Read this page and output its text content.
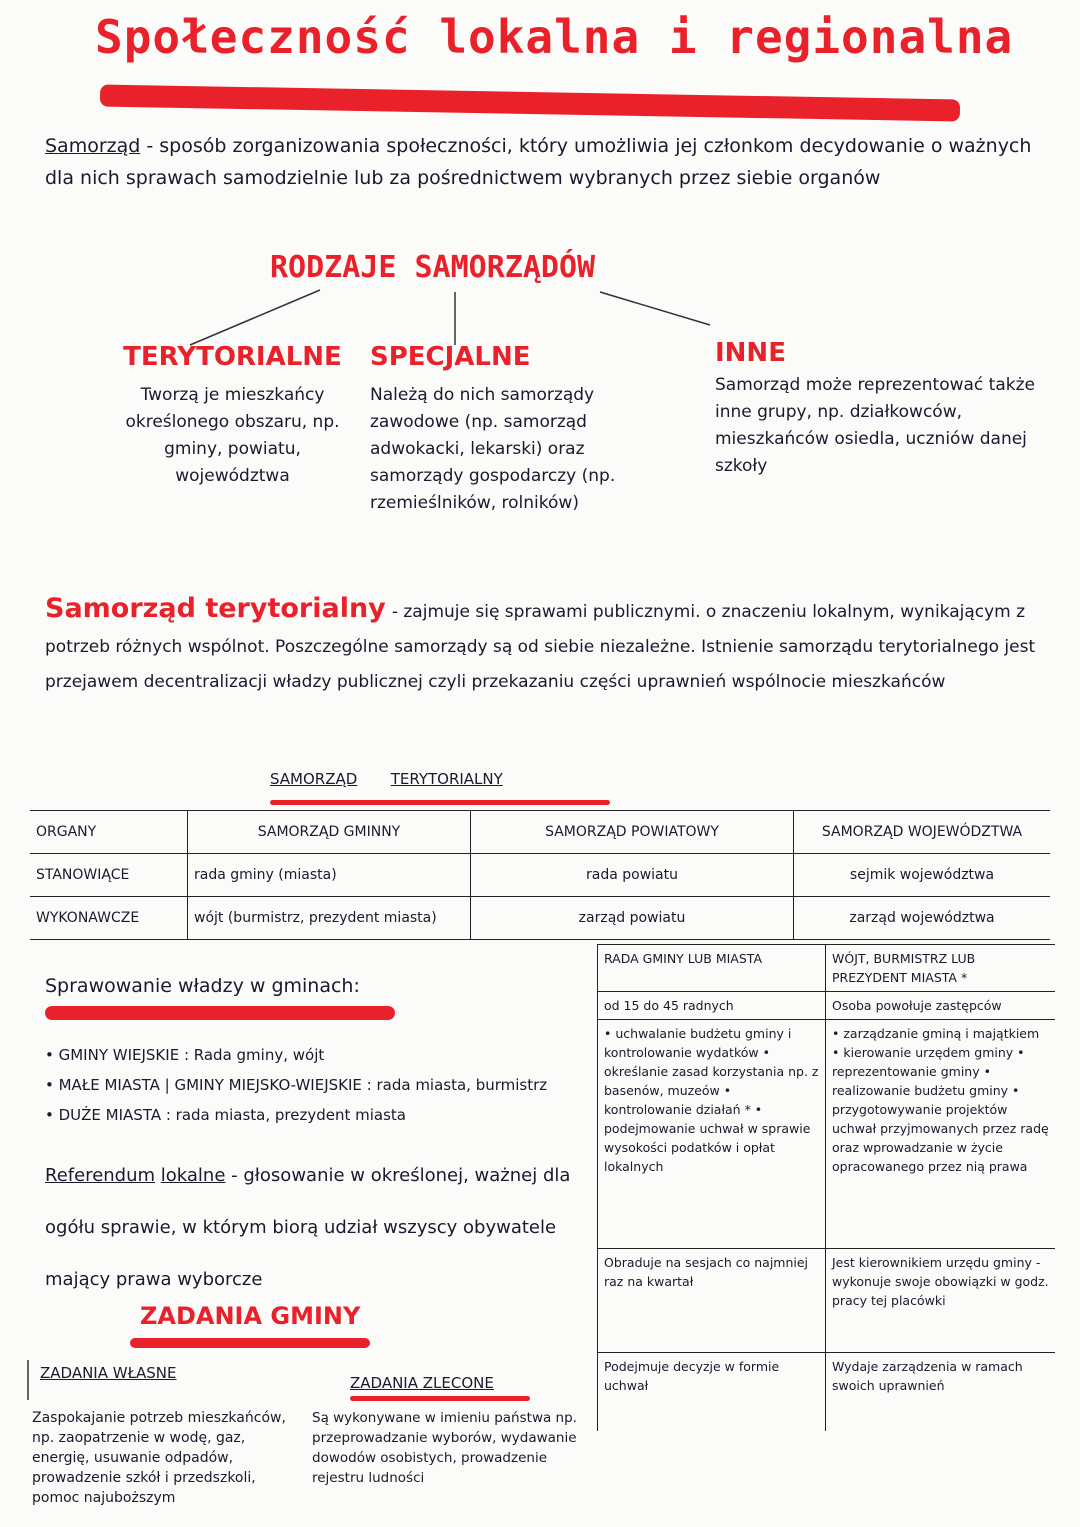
Społeczność lokalna i regionalna
Samorząd - sposób zorganizowania społeczności, który umożliwia jej członkom decydowanie o ważnych dla nich sprawach samodzielnie lub za pośrednictwem wybranych przez siebie organów
RODZAJE SAMORZĄDÓW
TERYTORIALNE
Tworzą je mieszkańcy określonego obszaru, np. gminy, powiatu, województwa
SPECJALNE
Należą do nich samorządy zawodowe (np. samorząd adwokacki, lekarski) oraz samorządy gospodarczy (np. rzemieślników, rolników)
INNE
Samorząd może reprezentować także inne grupy, np. działkowców, mieszkańców osiedla, uczniów danej szkoły
Samorząd terytorialny - zajmuje się sprawami publicznymi. o znaczeniu lokalnym, wynikającym z potrzeb różnych wspólnot. Poszczególne samorządy są od siebie niezależne. Istnienie samorządu terytorialnego jest przejawem decentralizacji władzy publicznej czyli przekazaniu części uprawnień wspólnocie mieszkańców
SAMORZĄD TERYTORIALNY
ORGANY	SAMORZĄD GMINNY	SAMORZĄD POWIATOWY	SAMORZĄD WOJEWÓDZTWA
STANOWIĄCE	rada gminy (miasta)	rada powiatu	sejmik województwa
WYKONAWCZE	wójt (burmistrz, prezydent miasta)	zarząd powiatu	zarząd województwa
Sprawowanie władzy w gminach:
• GMINY WIEJSKIE : Rada gminy, wójt
• MAŁE MIASTA | GMINY MIEJSKO-WIEJSKIE : rada miasta, burmistrz
• DUŻE MIASTA : rada miasta, prezydent miasta
Referendum lokalne - głosowanie w określonej, ważnej dla ogółu sprawie, w którym biorą udział wszyscy obywatele mający prawa wyborcze
ZADANIA GMINY
ZADANIA WŁASNE
ZADANIA ZLECONE
Zaspokajanie potrzeb mieszkańców, np. zaopatrzenie w wodę, gaz, energię, usuwanie odpadów, prowadzenie szkół i przedszkoli, pomoc najuboższym
Są wykonywane w imieniu państwa np. przeprowadzanie wyborów, wydawanie dowodów osobistych, prowadzenie rejestru ludności
RADA GMINY LUB MIASTA	WÓJT, BURMISTRZ LUB PREZYDENT MIASTA *
od 15 do 45 radnych	Osoba powołuje zastępców
• uchwalanie budżetu gminy i kontrolowanie wydatków • określanie zasad korzystania np. z basenów, muzeów • kontrolowanie działań * • podejmowanie uchwał w sprawie wysokości podatków i opłat lokalnych	• zarządzanie gminą i majątkiem • kierowanie urzędem gminy • reprezentowanie gminy • realizowanie budżetu gminy • przygotowywanie projektów uchwał przyjmowanych przez radę oraz wprowadzanie w życie opracowanego przez nią prawa
Obraduje na sesjach co najmniej raz na kwartał	Jest kierownikiem urzędu gminy - wykonuje swoje obowiązki w godz. pracy tej placówki
Podejmuje decyzje w formie uchwał	Wydaje zarządzenia w ramach swoich uprawnień
